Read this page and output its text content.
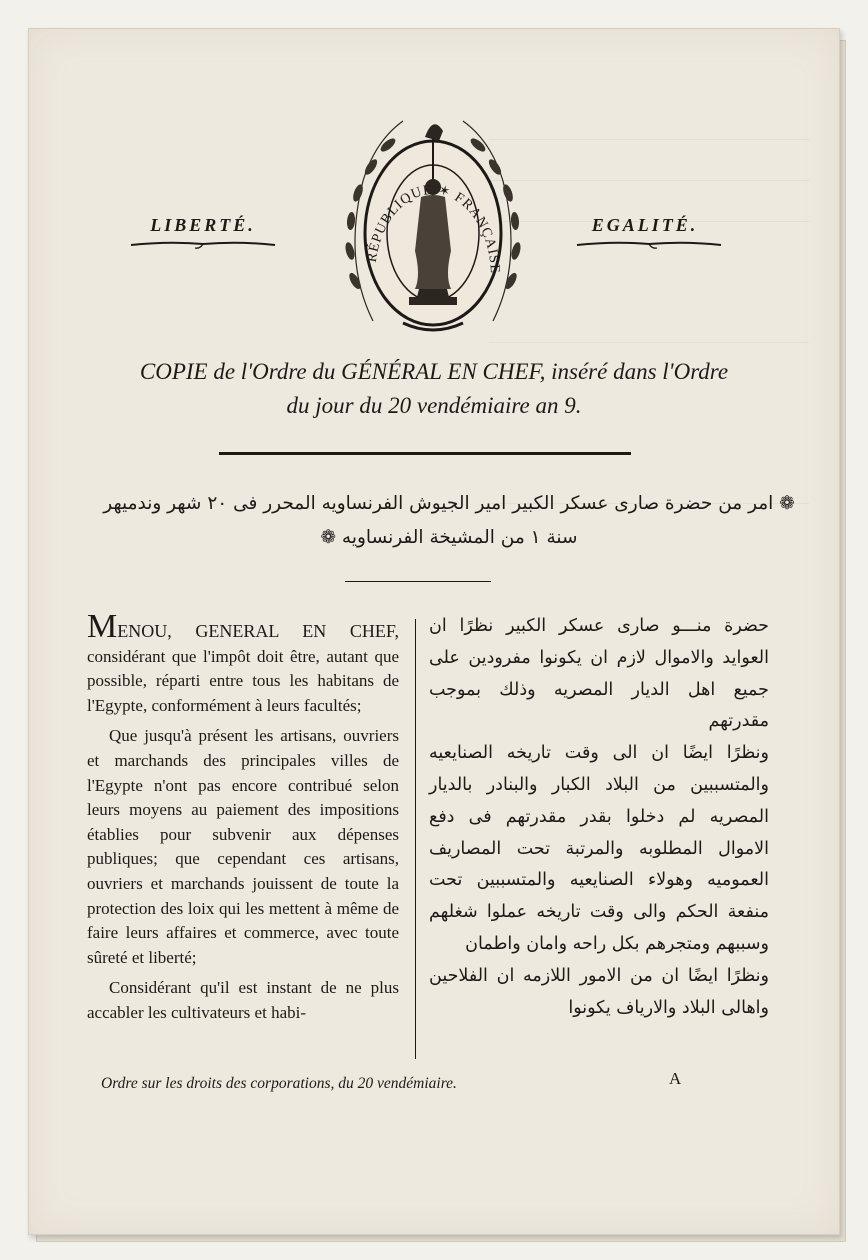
LIBERTÉ.	EGALITÉ.
RÉPUBLIQUE ✶ FRANÇAISE
COPIE de l'Ordre du GÉNÉRAL EN CHEF, inséré dans l'Ordre
du jour du 20 vendémiaire an 9.
❁ امر من حضرة صارى عسكر الكبير امير الجيوش الفرنساويه المحرر فى ٢٠ شهر وندميهر
سنة ١ من المشيخة الفرنساويه ❁

MENOU, GENERAL EN CHEF, considérant que l'impôt doit être, autant que possible, réparti entre tous les habitans de l'Egypte, conformément à leurs facultés;

Que jusqu'à présent les artisans, ouvriers et marchands des principales villes de l'Egypte n'ont pas encore contribué selon leurs moyens au paiement des impositions établies pour subvenir aux dépenses publiques; que cependant ces artisans, ouvriers et marchands jouissent de toute la protection des loix qui les mettent à même de faire leurs affaires et commerce, avec toute sûreté et liberté;

Considérant qu'il est instant de ne plus accabler les cultivateurs et habi-

حضرة منـــو صارى عسكر الكبير نظرًا ان العوايد والاموال لازم ان يكونوا مفرودين على جميع اهل الديار المصريه وذلك بموجب مقدرتهم

ونظرًا ايضًا ان الى وقت تاريخه الصنايعيه والمتسببين من البلاد الكبار والبنادر بالديار المصريه لم دخلوا بقدر مقدرتهم فى دفع الاموال المطلوبه والمرتبة تحت المصاريف العموميه وهولاء الصنايعيه والمتسببين تحت منفعة الحكم والى وقت تاريخه عملوا شغلهم وسببهم ومتجرهم بكل راحه وامان واطمان

ونظرًا ايضًا ان من الامور اللازمه ان الفلاحين واهالى البلاد والارياف يكونوا

Ordre sur les droits des corporations, du 20 vendémiaire.	A
